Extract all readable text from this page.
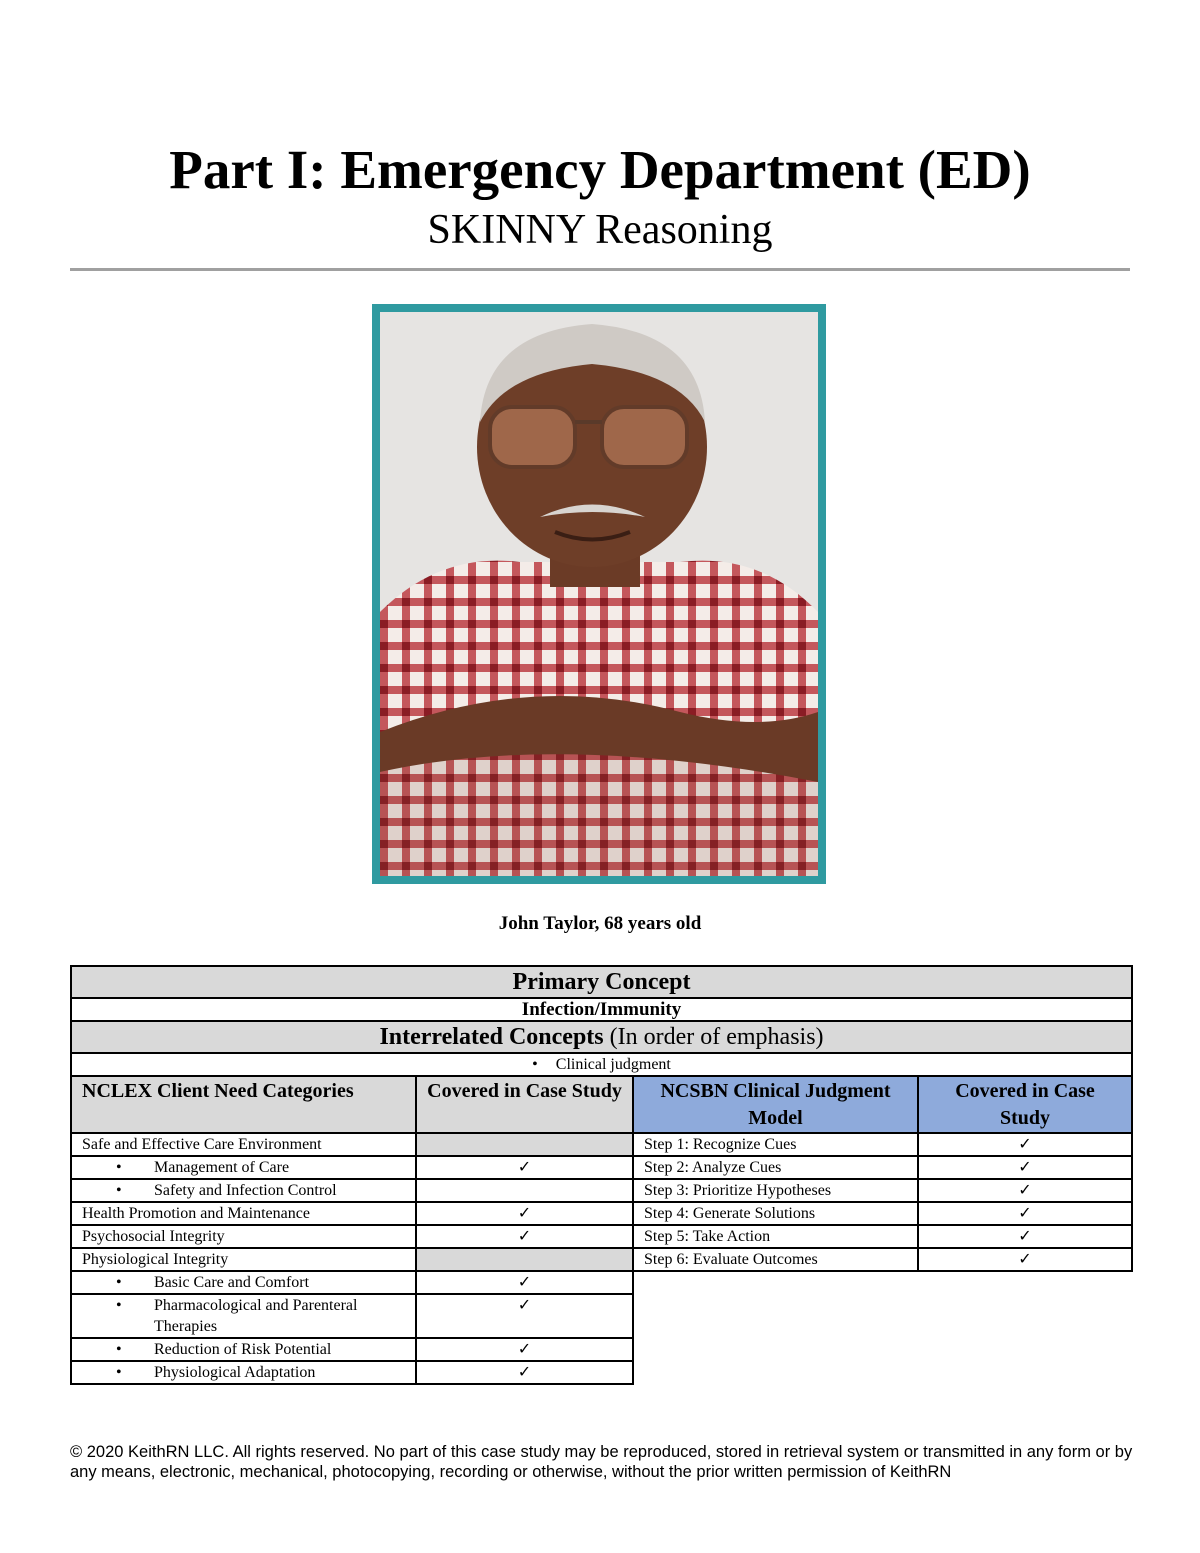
Part I: Emergency Department (ED)
SKINNY Reasoning
John Taylor, 68 years old
Primary Concept			
Infection/Immunity			
Interrelated Concepts (In order of emphasis)			
• Clinical judgment			
NCLEX Client Need Categories	Covered in Case Study	NCSBN Clinical Judgment Model	Covered in Case Study
Safe and Effective Care Environment		Step 1: Recognize Cues	✓

• Management of Care	✓	Step 2: Analyze Cues	✓

• Safety and Infection Control		Step 3: Prioritize Hypotheses	✓
Health Promotion and Maintenance	✓	Step 4: Generate Solutions	✓
Psychosocial Integrity	✓	Step 5: Take Action	✓
Physiological Integrity		Step 6: Evaluate Outcomes	✓

• Basic Care and Comfort	✓		

• Pharmacological and Parenteral Therapies	✓		

• Reduction of Risk Potential	✓		

• Physiological Adaptation	✓		
© 2020 KeithRN LLC. All rights reserved. No part of this case study may be reproduced, stored in retrieval system or transmitted in any form or by any means, electronic, mechanical, photocopying, recording or otherwise, without the prior written permission of KeithRN
